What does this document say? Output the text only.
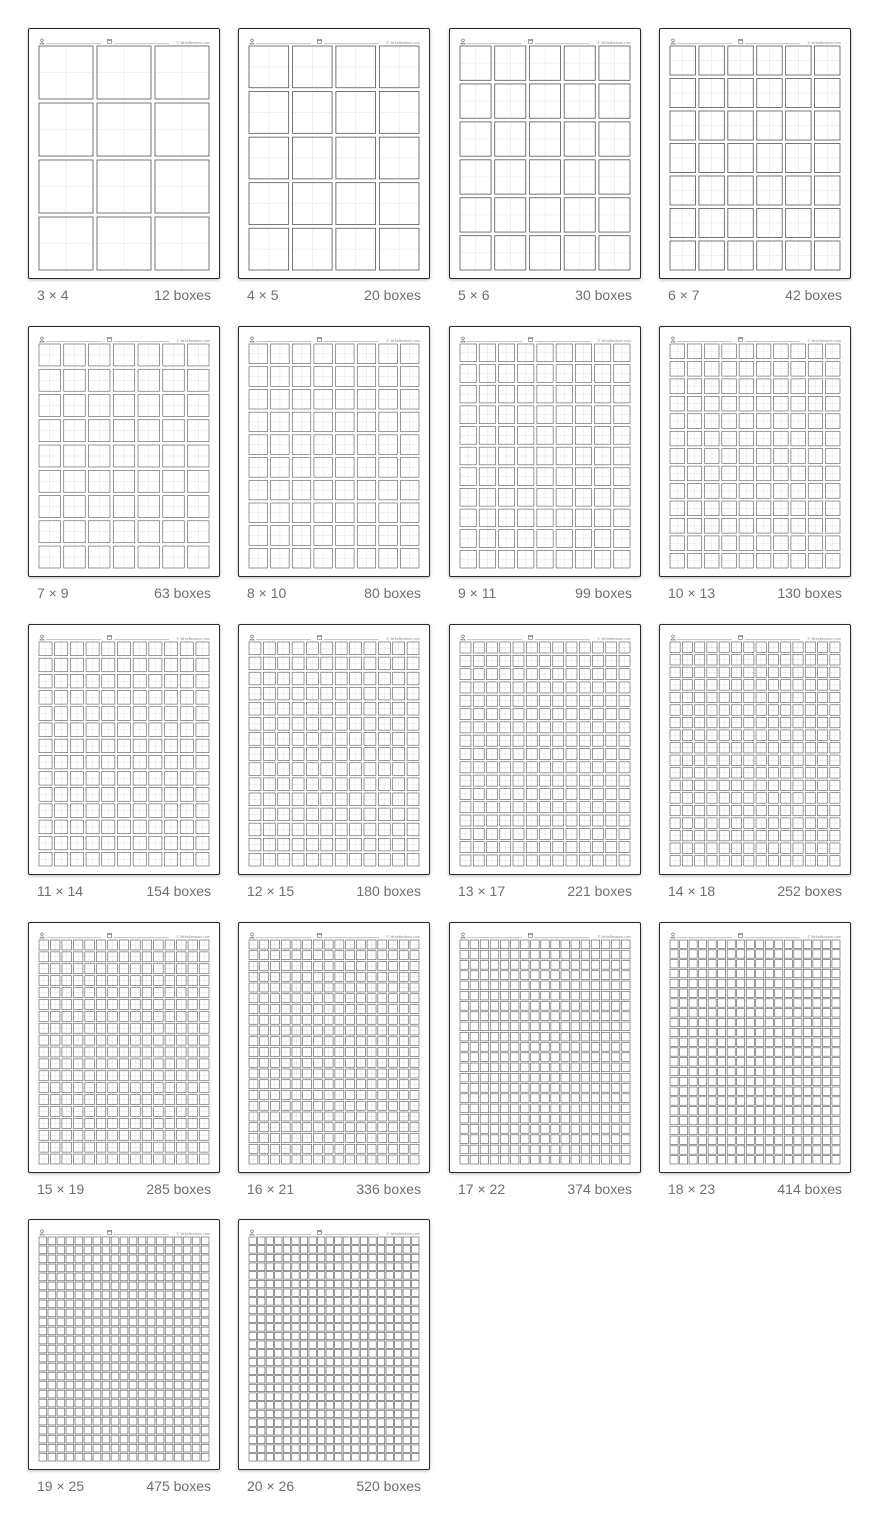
© WriteBenborn.com
3 × 4	12 boxes
© WriteBenborn.com
4 × 5	20 boxes
© WriteBenborn.com
5 × 6	30 boxes
© WriteBenborn.com
6 × 7	42 boxes
© WriteBenborn.com
7 × 9	63 boxes
© WriteBenborn.com
8 × 10	80 boxes
© WriteBenborn.com
9 × 11	99 boxes
© WriteBenborn.com
10 × 13	130 boxes
© WriteBenborn.com
11 × 14	154 boxes
© WriteBenborn.com
12 × 15	180 boxes
© WriteBenborn.com
13 × 17	221 boxes
© WriteBenborn.com
14 × 18	252 boxes
© WriteBenborn.com
15 × 19	285 boxes
© WriteBenborn.com
16 × 21	336 boxes
© WriteBenborn.com
17 × 22	374 boxes
© WriteBenborn.com
18 × 23	414 boxes
© WriteBenborn.com
19 × 25	475 boxes
© WriteBenborn.com
20 × 26	520 boxes
